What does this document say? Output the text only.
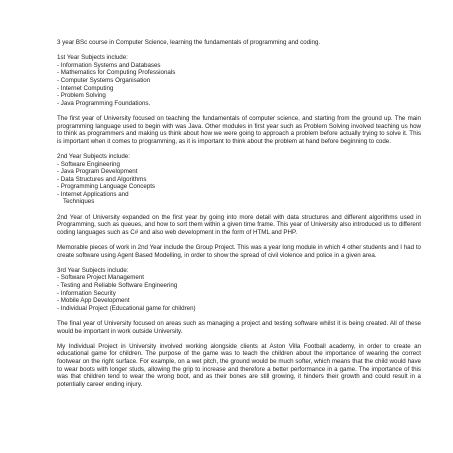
3 year BSc course in Computer Science, learning the fundamentals of programming and coding.
1st Year Subjects include:
- Information Systems and Databases
- Mathematics for Computing Professionals
- Computer Systems Organisation
- Internet Computing
- Problem Solving
- Java Programming Foundations.

The first year of University focused on teaching the fundamentals of computer science, and starting from the ground up. The main programming language used to begin with was Java. Other modules in first year such as Problem Solving involved teaching us how to think as programmers and making us think about how we were going to approach a problem before actually trying to solve it. This is important when it comes to programming, as it is important to think about the problem at hand before beginning to code.

2nd Year Subjects include:
- Software Engineering
- Java Program Development
- Data Structures and Algorithms
- Programming Language Concepts
- Internet Applications and
Techniques

2nd Year of University expanded on the first year by going into more detail with data structures and different algorithms used in Programming, such as queues, and how to sort them within a given time frame. This year of University also introduced us to different coding languages such as C# and also web development in the form of HTML and PHP.

Memorable pieces of work in 2nd Year include the Group Project. This was a year long module in which 4 other students and I had to create software using Agent Based Modelling, in order to show the spread of civil violence and police in a given area.

3rd Year Subjects include:
- Software Project Management
- Testing and Reliable Software Engineering
- Information Security
- Mobile App Development
- Individual Project (Educational game for children)

The final year of University focused on areas such as managing a project and testing software whilst it is being created. All of these would be important in work outside University.

My Individual Project in University involved working alongside clients at Aston Villa Football academy, in order to create an educational game for children. The purpose of the game was to teach the children about the importance of wearing the correct footwear on the right surface. For example, on a wet pitch, the ground would be much softer, which means that the child would have to wear boots with longer studs, allowing the grip to increase and therefore a better performance in a game. The importance of this was that children tend to wear the wrong boot, and as their bones are still growing, it hinders their growth and could result in a potentially career ending injury.
